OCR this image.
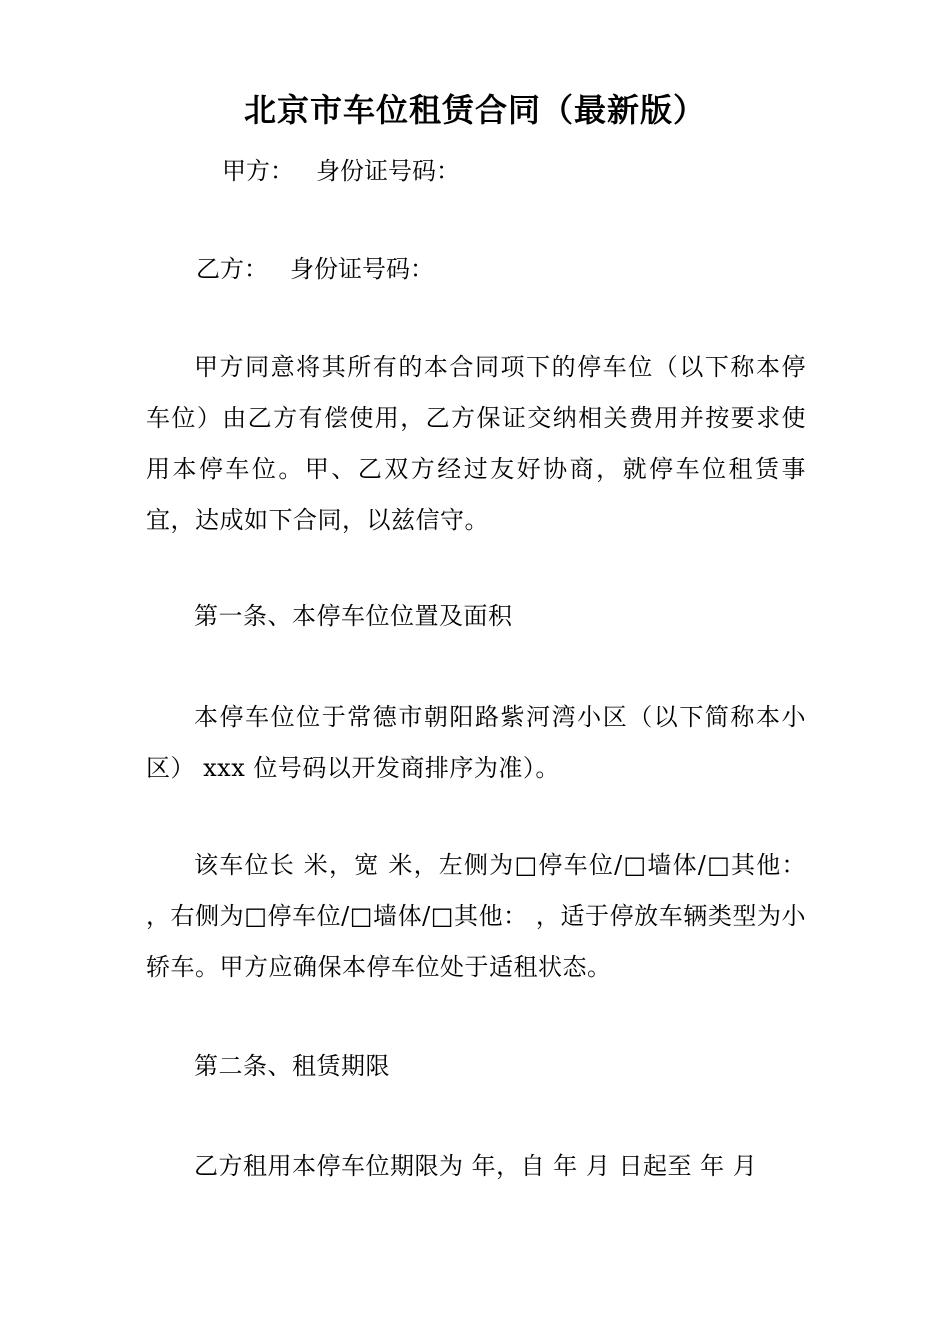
北京市车位租赁合同（最新版）
甲方： 身份证号码：
乙方： 身份证号码：

甲方同意将其所有的本合同项下的停车位（以下称本停车位）由乙方有偿使用，乙方保证交纳相关费用并按要求使用本停车位。甲、乙双方经过友好协商，就停车位租赁事宜，达成如下合同，以兹信守。

第一条、本停车位位置及面积

本停车位位于常德市朝阳路紫河湾小区（以下简称本小区） xxx 位号码以开发商排序为准）。

该车位长 米，宽 米，左侧为□停车位/□墙体/□其他： ，右侧为□停车位/□墙体/□其他： ，适于停放车辆类型为小轿车。甲方应确保本停车位处于适租状态。

第二条、租赁期限

乙方租用本停车位期限为 年，自 年 月 日起至 年 月
